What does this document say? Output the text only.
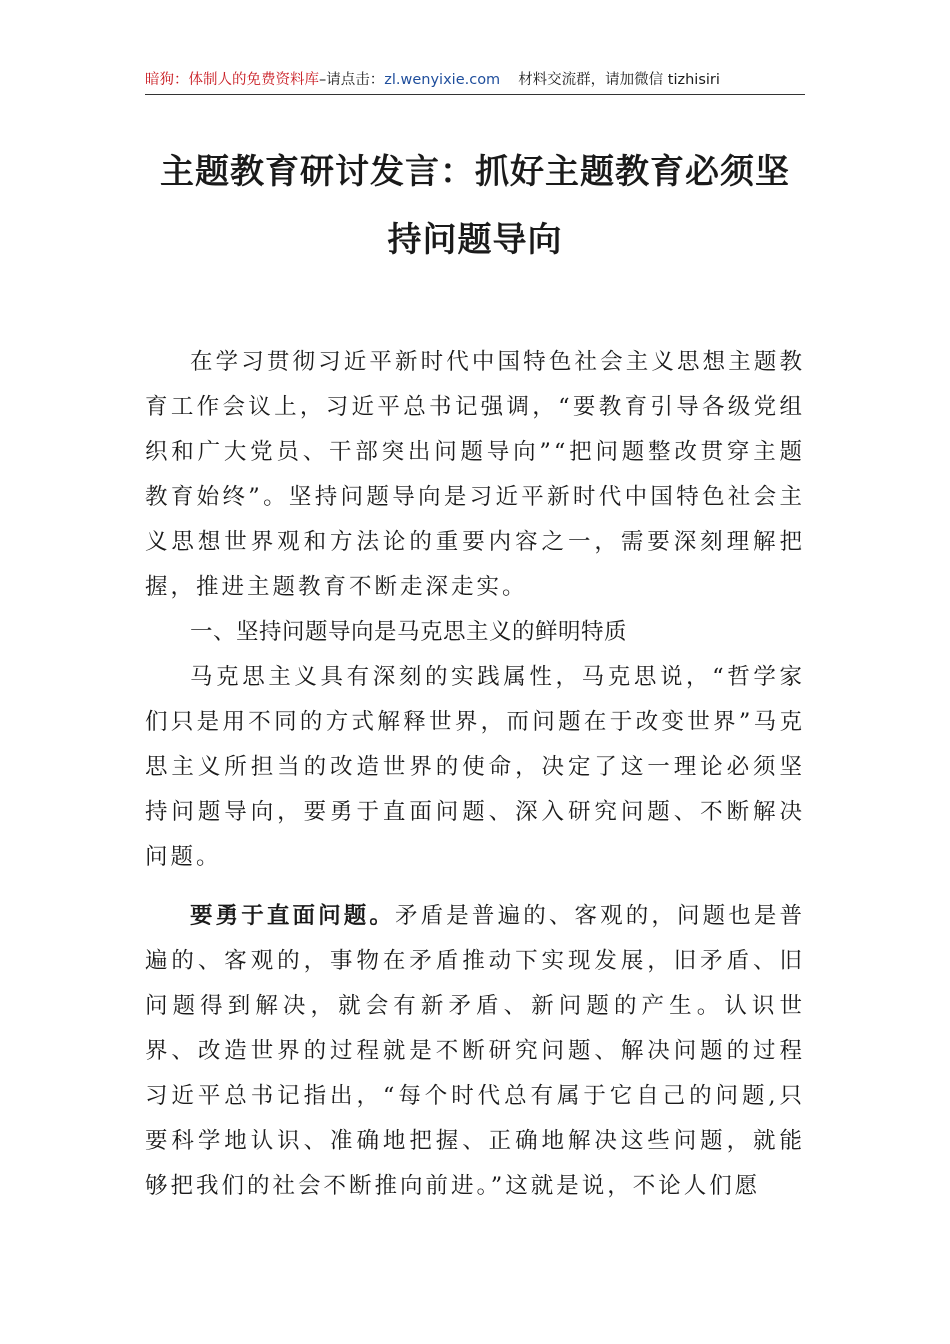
暗狗：体制人的免费资料库 –请点击： zl.wenyixie.com 材料交流群，请加微信 tizhisiri
主题教育研讨发言：抓好主题教育必须坚
持问题导向

在学习贯彻习近平新时代中国特色社会主义思想主题教育工作会议上，习近平总书记强调，“要教育引导各级党组织和广大党员、干部突出问题导向”“把问题整改贯穿主题教育始终”。坚持问题导向是习近平新时代中国特色社会主义思想世界观和方法论的重要内容之一，需要深刻理解把握，推进主题教育不断走深走实。

一、坚持问题导向是马克思主义的鲜明特质

马克思主义具有深刻的实践属性，马克思说，“哲学家们只是用不同的方式解释世界，而问题在于改变世界”马克思主义所担当的改造世界的使命，决定了这一理论必须坚持问题导向，要勇于直面问题、深入研究问题、不断解决问题。

要勇于直面问题。矛盾是普遍的、客观的，问题也是普遍的、客观的，事物在矛盾推动下实现发展，旧矛盾、旧问题得到解决，就会有新矛盾、新问题的产生。认识世界、改造世界的过程就是不断研究问题、解决问题的过程习近平总书记指出，“每个时代总有属于它自己的问题,只要科学地认识、准确地把握、正确地解决这些问题，就能够把我们的社会不断推向前进。”这就是说，不论人们愿
